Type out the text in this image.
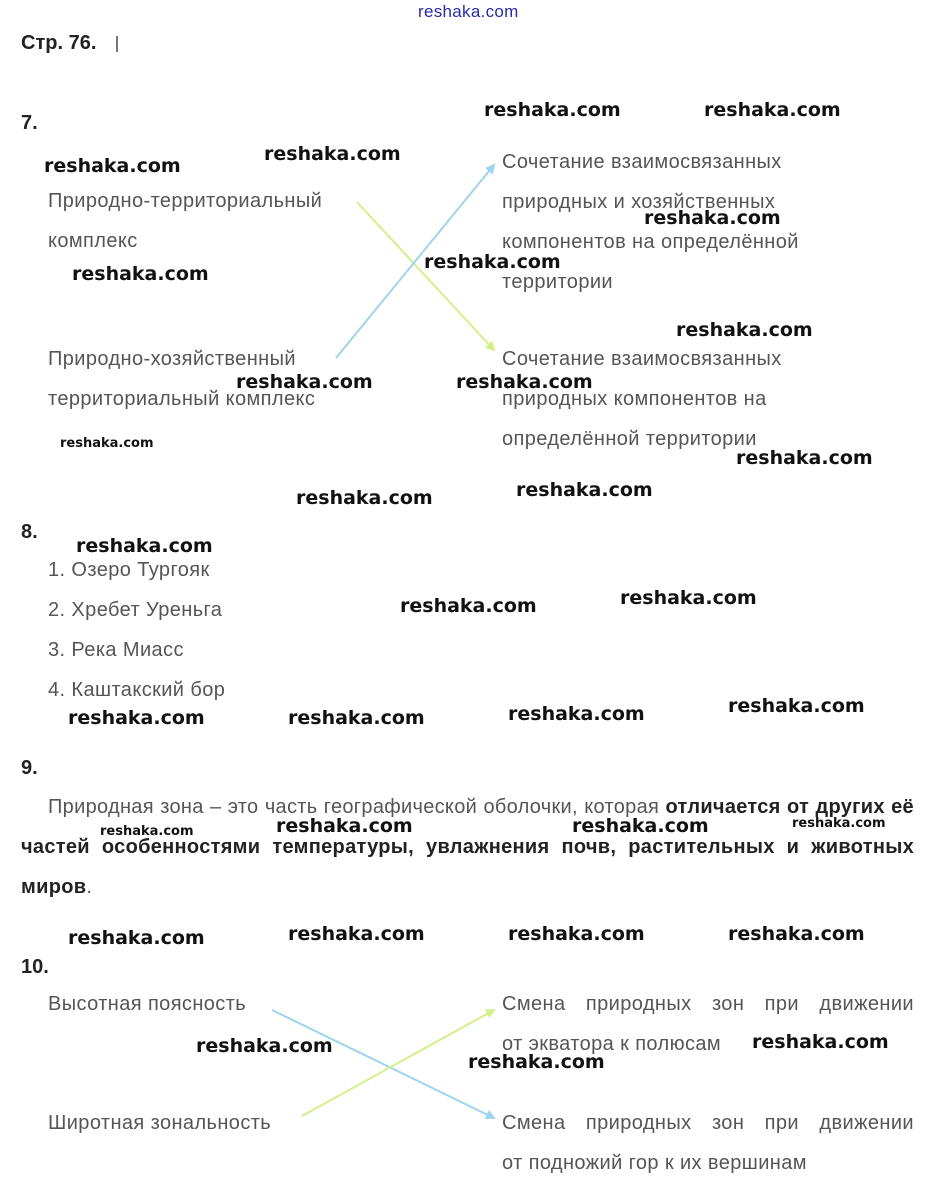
reshaka.com
Стр. 76.
7.
Природно-территориальный
комплекс
Природно-хозяйственный
территориальный комплекс
Сочетание взаимосвязанных
природных и хозяйственных
компонентов на определённой
территории
Сочетание взаимосвязанных
природных компонентов на
определённой территории
8.
1. Озеро Тургояк
2. Хребет Уреньга
3. Река Миасс
4. Каштакский бор
9.
Природная зона – это часть географической оболочки, которая отличается от других её частей особенностями температуры, увлажнения почв, растительных и животных миров.
10.
Высотная поясность
Широтная зональность
Смена природных зон при движении
от экватора к полюсам
Смена природных зон при движении
от подножий гор к их вершинам
reshaka.com	reshaka.com
reshaka.com
reshaka.com
reshaka.com
reshaka.com
reshaka.com
reshaka.com
reshaka.com	reshaka.com
reshaka.com
reshaka.com
reshaka.com	reshaka.com
reshaka.com
reshaka.com	reshaka.com
reshaka.com	reshaka.com	reshaka.com	reshaka.com
reshaka.com	reshaka.com	reshaka.com	reshaka.com
reshaka.com	reshaka.com	reshaka.com	reshaka.com
reshaka.com	reshaka.com
reshaka.com
